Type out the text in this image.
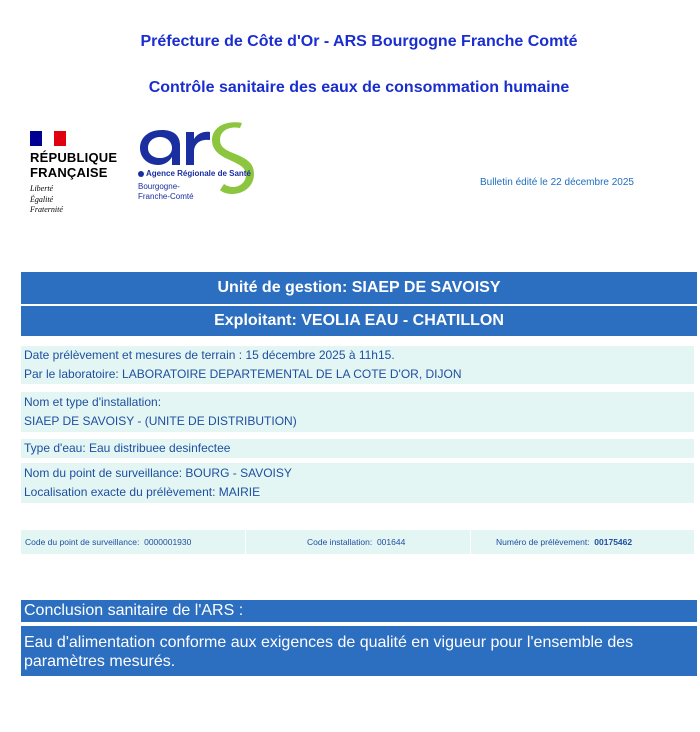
Préfecture de Côte d'Or - ARS Bourgogne Franche Comté
Contrôle sanitaire des eaux de consommation humaine
RÉPUBLIQUE
FRANÇAISE
Liberté
Égalité
Fraternité
Agence Régionale de Santé
Bourgogne-
Franche-Comté
Bulletin édité le 22 décembre 2025
Unité de gestion: SIAEP DE SAVOISY
Exploitant: VEOLIA EAU - CHATILLON
Date prélèvement et mesures de terrain : 15 décembre 2025 à 11h15.
Par le laboratoire: LABORATOIRE DEPARTEMENTAL DE LA COTE D'OR, DIJON
Nom et type d'installation:
SIAEP DE SAVOISY - (UNITE DE DISTRIBUTION)
Type d'eau: Eau distribuee desinfectee
Nom du point de surveillance: BOURG - SAVOISY
Localisation exacte du prélèvement: MAIRIE
Code du point de surveillance: 0000001930	Code installation: 001644	Numéro de prélèvement: 00175462
Conclusion sanitaire de l'ARS :
Eau d'alimentation conforme aux exigences de qualité en vigueur pour l'ensemble des paramètres mesurés.
